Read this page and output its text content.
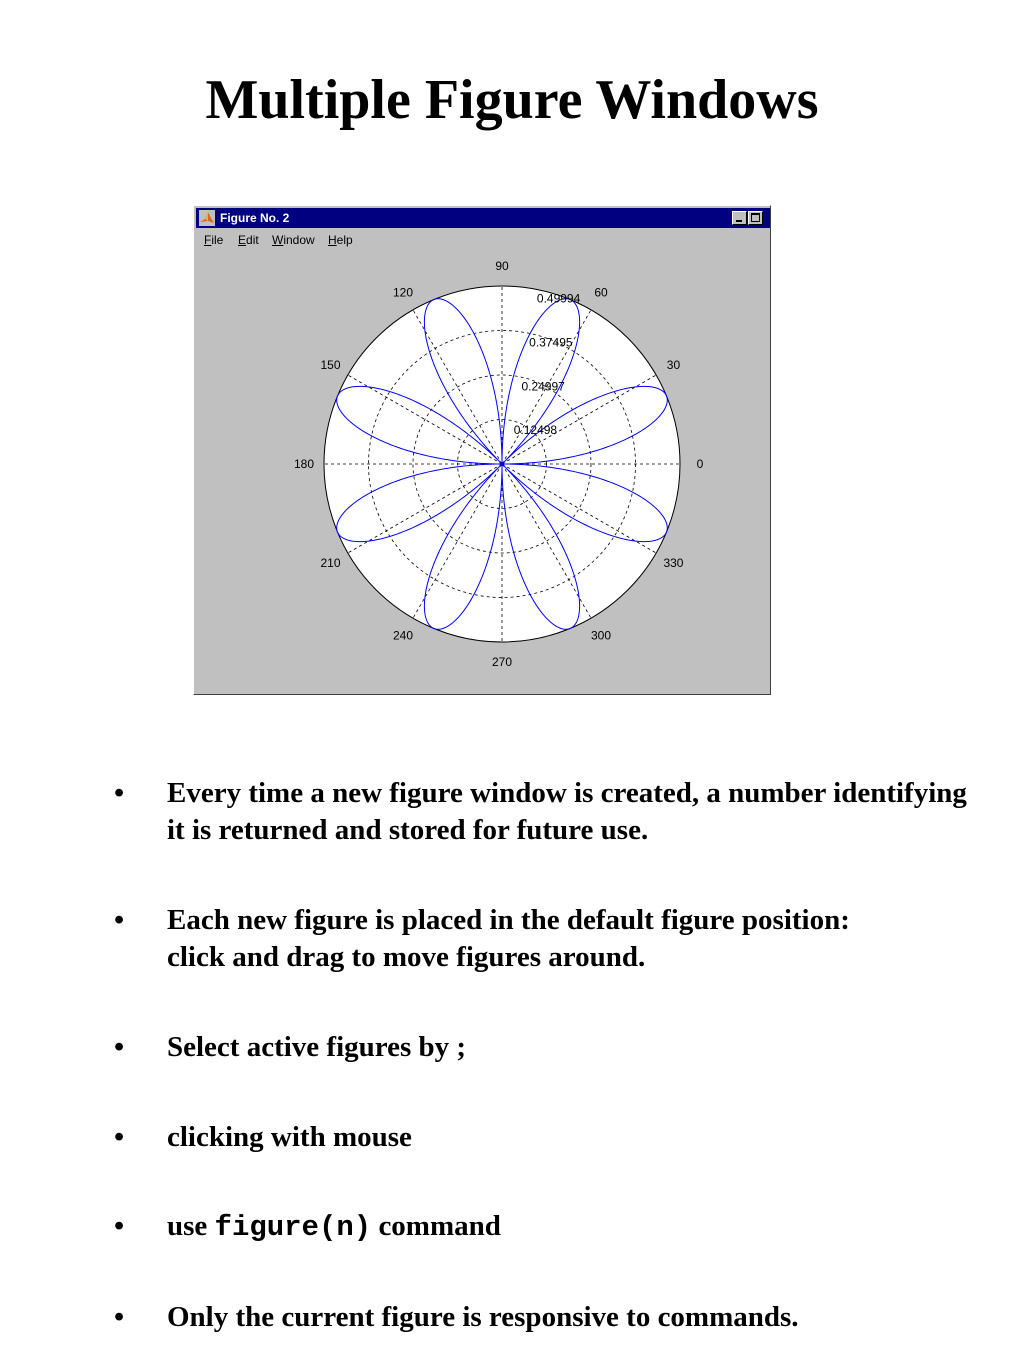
Multiple Figure Windows
Figure No. 2
File Edit Window Help
0
30
60
90
120
150
180
210
240
270
300
330
0.12498
0.24997
0.37495
0.49994
• Every time a new figure window is created, a number identifying it is returned and stored for future use.
• Each new figure is placed in the default figure position: click and drag to move figures around.
• Select active figures by ;
• clicking with mouse
• use figure(n) command
• Only the current figure is responsive to commands.
